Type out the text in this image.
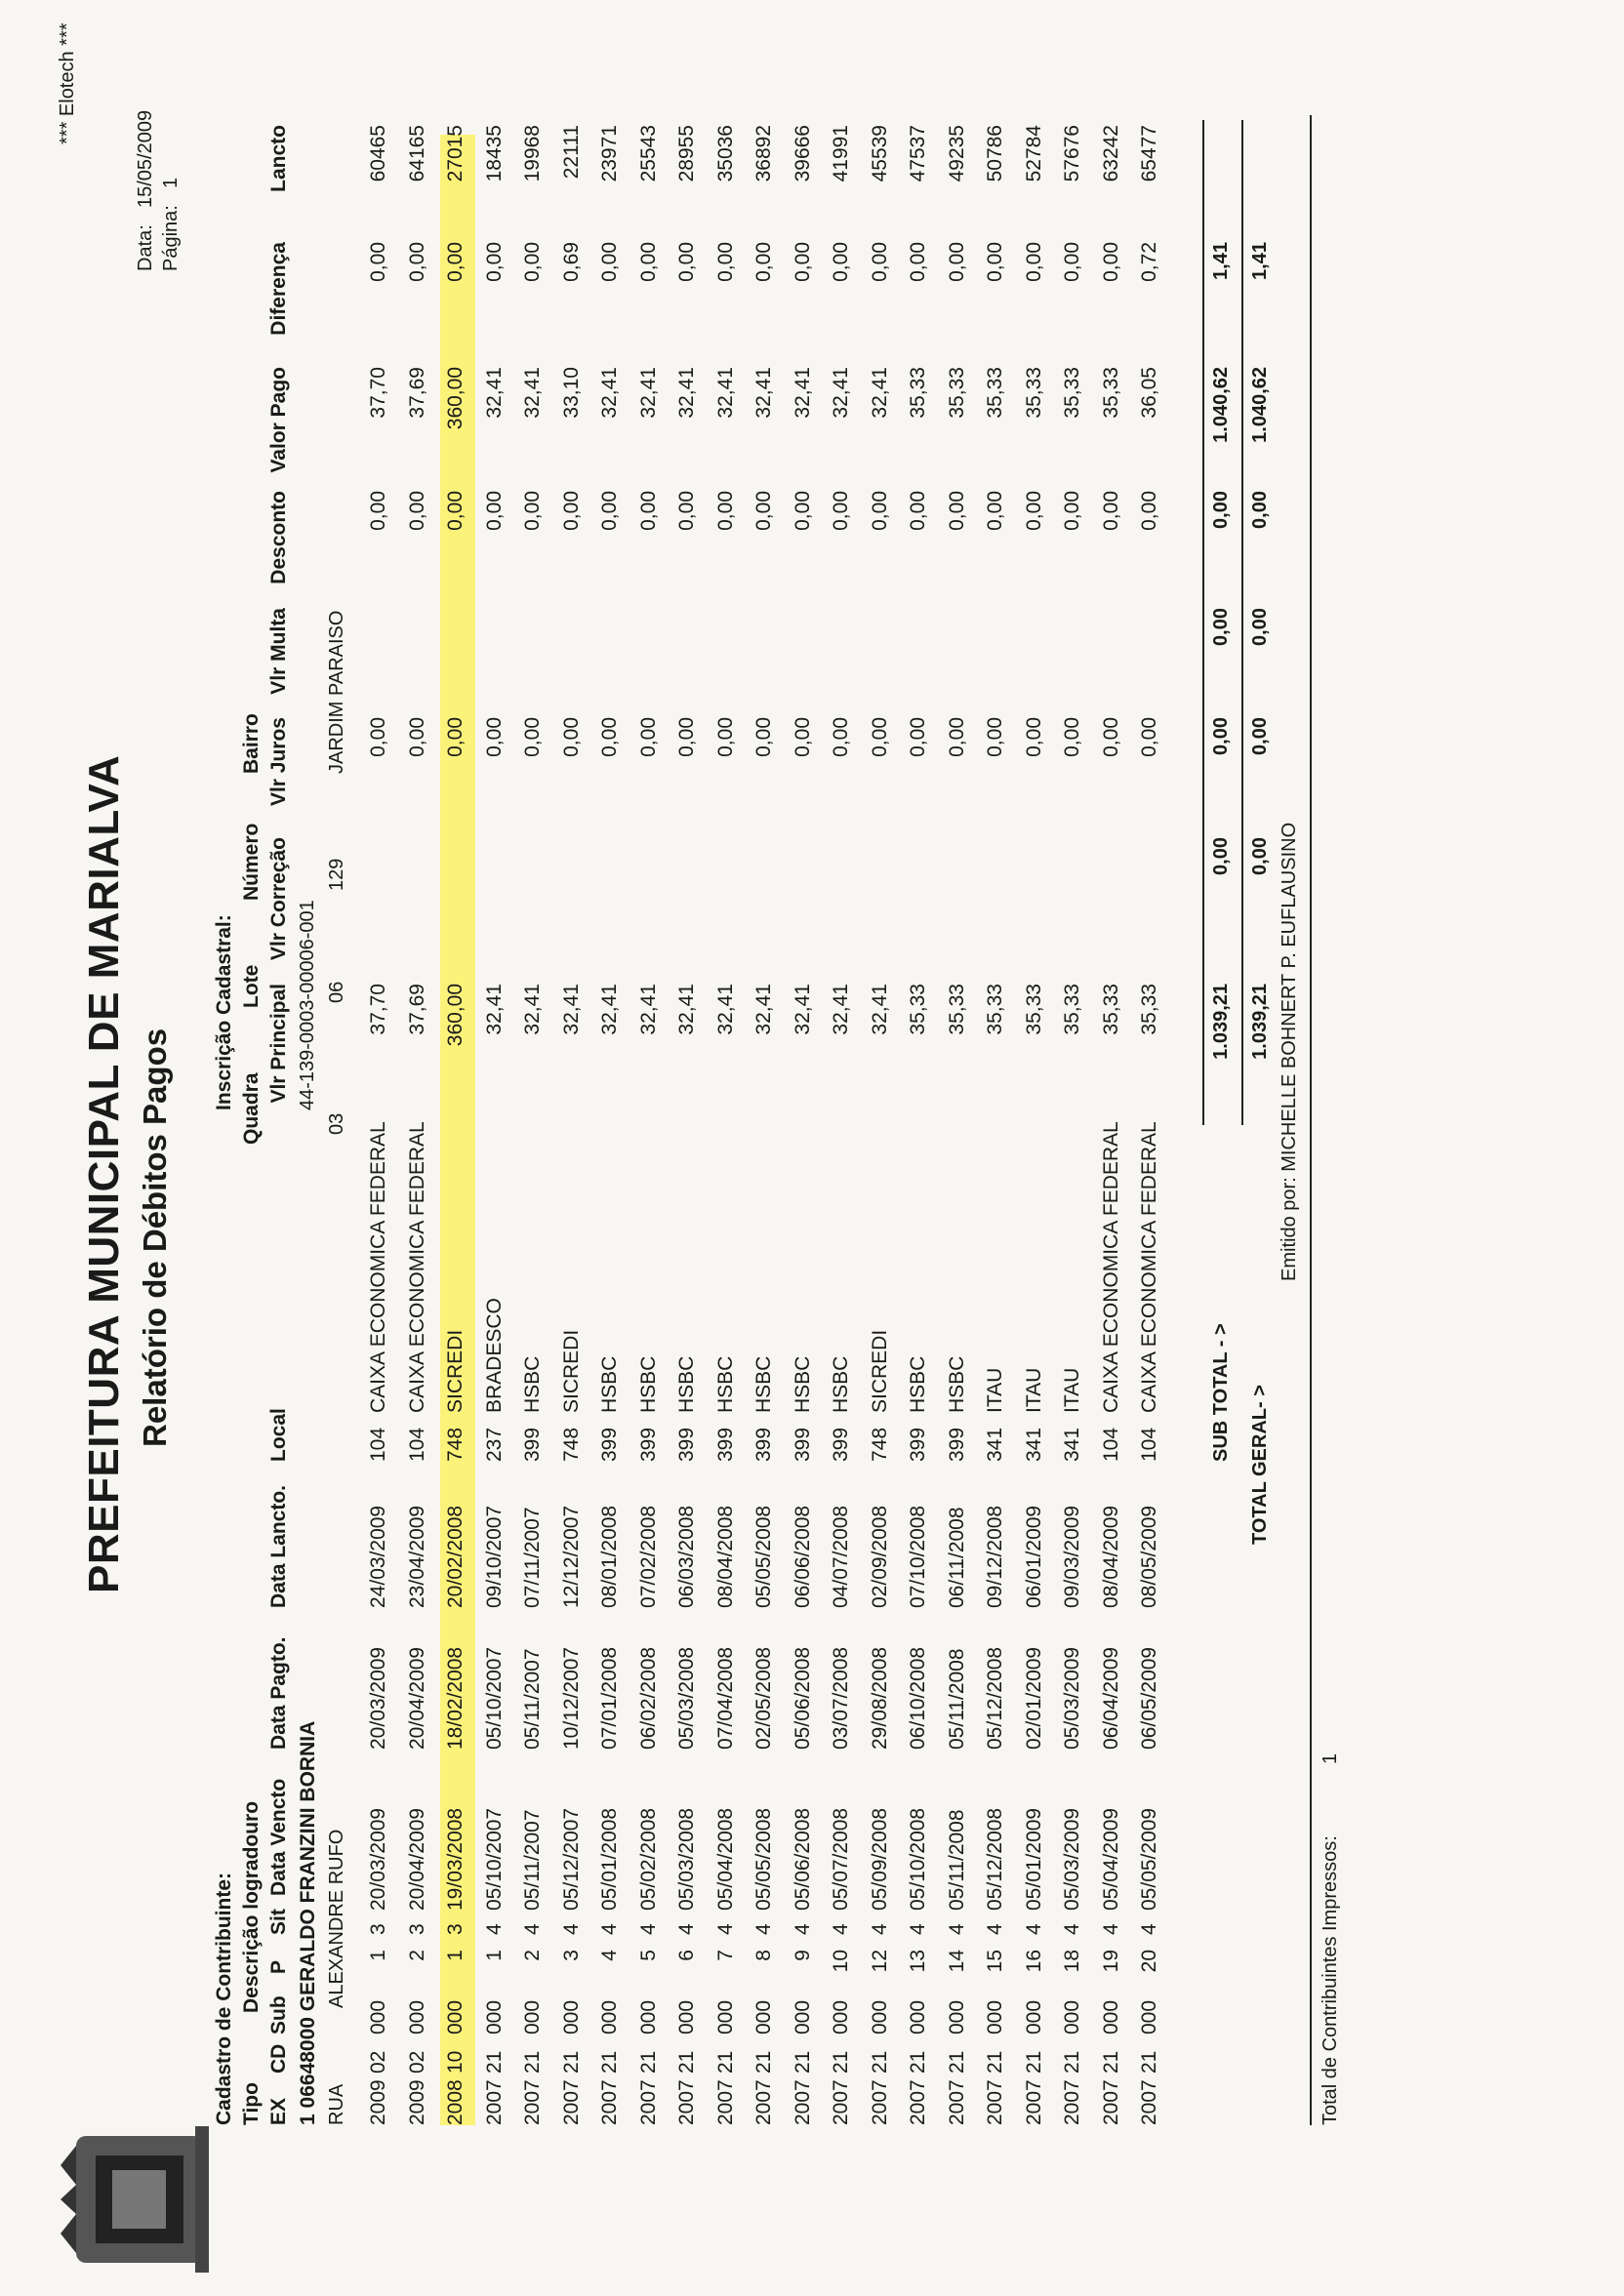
PREFEITURA MUNICIPAL DE MARIALVA Relatório de Débitos Pagos
*** Elotech ***
Data:
15/05/2009
Página:
1
Cadastro de Contribuinte: Tipo
Descrição logradouro
EX
CD
Sub
P
Sit
Data Vencto
Data Pagto.
Data Lancto.
Local
Inscrição Cadastral: Quadra
Lote
Número
Bairro
Vlr Principal
Vlr Correção
Vlr Juros
Vlr Multa
Desconto
Valor Pago
Diferença
Lancto
1 06648000 GERALDO FRANZINI BORNIA RUA
ALEXANDRE RUFO
44-139-0003-00006-001
03
06
129
JARDIM PARAISO
2009
02
000
1
3
20/03/2009
20/03/2009
24/03/2009
104
CAIXA ECONOMICA FEDERAL
37,70
0,00
0,00
37,70
0,00
60465
2009
02
000
2
3
20/04/2009
20/04/2009
23/04/2009
104
CAIXA ECONOMICA FEDERAL
37,69
0,00
0,00
37,69
0,00
64165
2008
10
000
1
3
19/03/2008
18/02/2008
20/02/2008
748
SICREDI
360,00
0,00
0,00
360,00
0,00
27015
2007
21
000
1
4
05/10/2007
05/10/2007
09/10/2007
237
BRADESCO
32,41
0,00
0,00
32,41
0,00
18435
2007
21
000
2
4
05/11/2007
05/11/2007
07/11/2007
399
HSBC
32,41
0,00
0,00
32,41
0,00
19968
2007
21
000
3
4
05/12/2007
10/12/2007
12/12/2007
748
SICREDI
32,41
0,00
0,00
33,10
0,69
22111
2007
21
000
4
4
05/01/2008
07/01/2008
08/01/2008
399
HSBC
32,41
0,00
0,00
32,41
0,00
23971
2007
21
000
5
4
05/02/2008
06/02/2008
07/02/2008
399
HSBC
32,41
0,00
0,00
32,41
0,00
25543
2007
21
000
6
4
05/03/2008
05/03/2008
06/03/2008
399
HSBC
32,41
0,00
0,00
32,41
0,00
28955
2007
21
000
7
4
05/04/2008
07/04/2008
08/04/2008
399
HSBC
32,41
0,00
0,00
32,41
0,00
35036
2007
21
000
8
4
05/05/2008
02/05/2008
05/05/2008
399
HSBC
32,41
0,00
0,00
32,41
0,00
36892
2007
21
000
9
4
05/06/2008
05/06/2008
06/06/2008
399
HSBC
32,41
0,00
0,00
32,41
0,00
39666
2007
21
000
10
4
05/07/2008
03/07/2008
04/07/2008
399
HSBC
32,41
0,00
0,00
32,41
0,00
41991
2007
21
000
12
4
05/09/2008
29/08/2008
02/09/2008
748
SICREDI
32,41
0,00
0,00
32,41
0,00
45539
2007
21
000
13
4
05/10/2008
06/10/2008
07/10/2008
399
HSBC
35,33
0,00
0,00
35,33
0,00
47537
2007
21
000
14
4
05/11/2008
05/11/2008
06/11/2008
399
HSBC
35,33
0,00
0,00
35,33
0,00
49235
2007
21
000
15
4
05/12/2008
05/12/2008
09/12/2008
341
ITAU
35,33
0,00
0,00
35,33
0,00
50786
2007
21
000
16
4
05/01/2009
02/01/2009
06/01/2009
341
ITAU
35,33
0,00
0,00
35,33
0,00
52784
2007
21
000
18
4
05/03/2009
05/03/2009
09/03/2009
341
ITAU
35,33
0,00
0,00
35,33
0,00
57676
2007
21
000
19
4
05/04/2009
06/04/2009
08/04/2009
104
CAIXA ECONOMICA FEDERAL
35,33
0,00
0,00
35,33
0,00
63242
2007
21
000
20
4
05/05/2009
06/05/2009
08/05/2009
104
CAIXA ECONOMICA FEDERAL
35,33
0,00
0,00
36,05
0,72
65477
SUB TOTAL - >
1.039,21
0,00
0,00
0,00
0,00
1.040,62
1,41
TOTAL GERAL- >
1.039,21
0,00
0,00
0,00
0,00
1.040,62
1,41
Emitido por: MICHELLE BOHNERT P. EUFLAUSINO
Total de Contribuintes Impressos:
1
